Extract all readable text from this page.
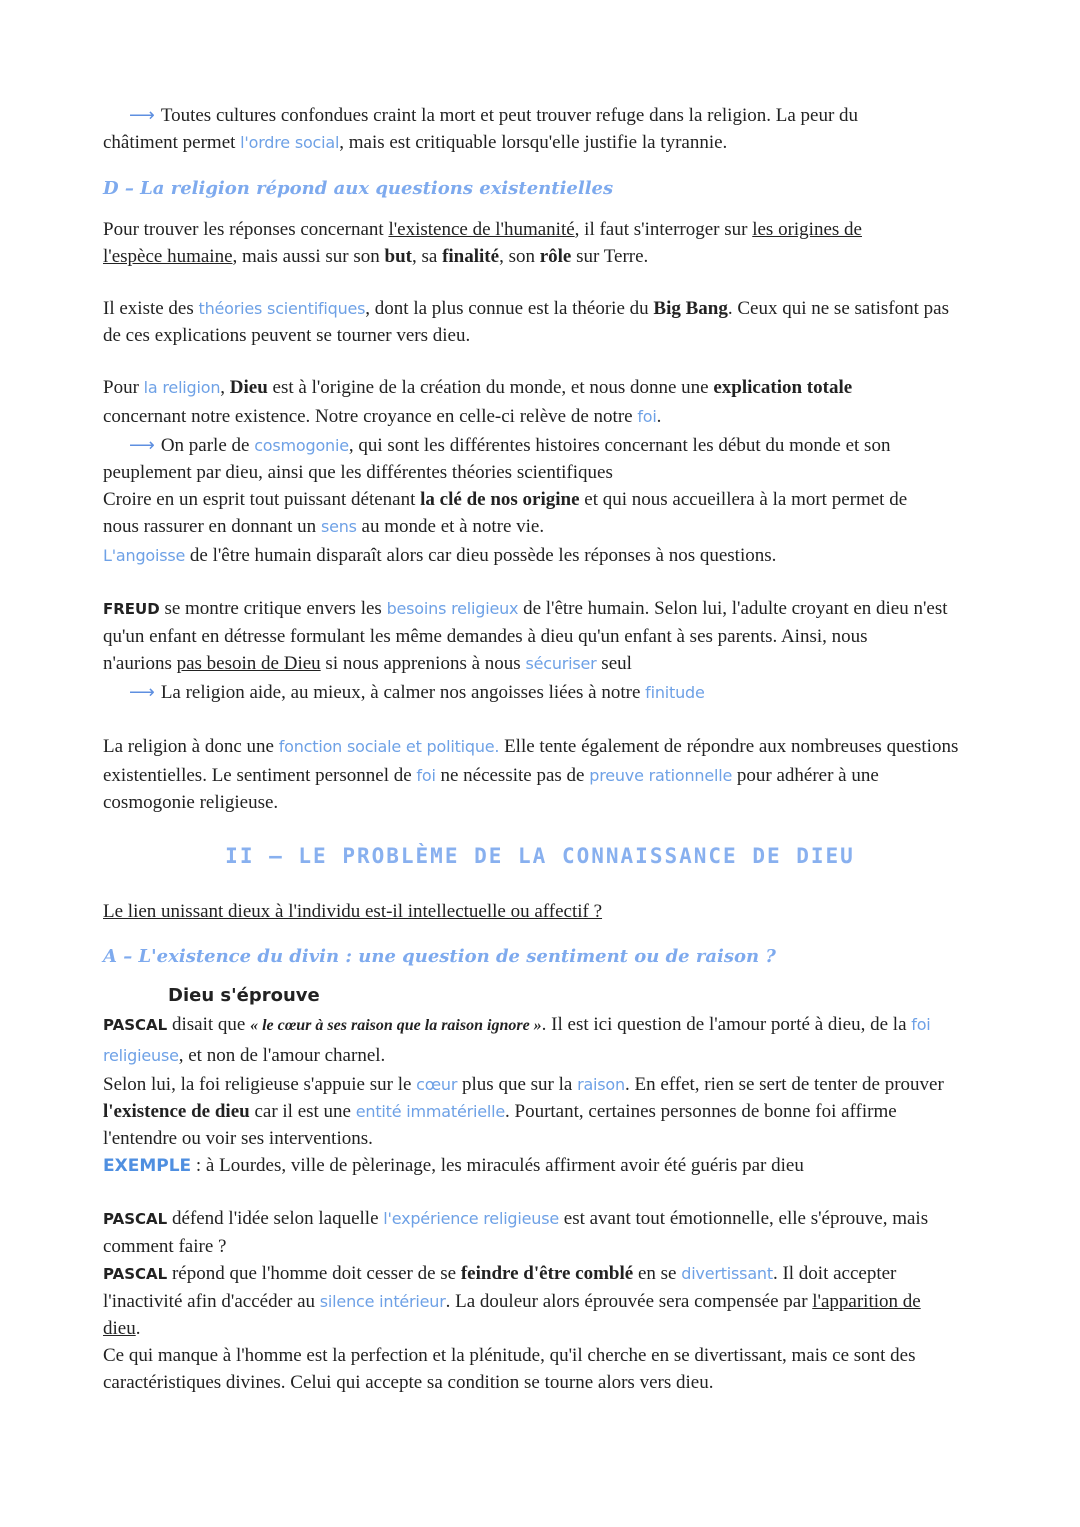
⟶ Toutes cultures confondues craint la mort et peut trouver refuge dans la religion. La peur du
châtiment permet l'ordre social, mais est critiquable lorsqu'elle justifie la tyrannie.
D – La religion répond aux questions existentielles
Pour trouver les réponses concernant l'existence de l'humanité, il faut s'interroger sur les origines de
l'espèce humaine, mais aussi sur son but, sa finalité, son rôle sur Terre.
Il existe des théories scientifiques, dont la plus connue est la théorie du Big Bang. Ceux qui ne se satisfont pas
de ces explications peuvent se tourner vers dieu.
Pour la religion, Dieu est à l'origine de la création du monde, et nous donne une explication totale
concernant notre existence. Notre croyance en celle-ci relève de notre foi.
⟶ On parle de cosmogonie, qui sont les différentes histoires concernant les début du monde et son
peuplement par dieu, ainsi que les différentes théories scientifiques
Croire en un esprit tout puissant détenant la clé de nos origine et qui nous accueillera à la mort permet de
nous rassurer en donnant un sens au monde et à notre vie.
L'angoisse de l'être humain disparaît alors car dieu possède les réponses à nos questions.
FREUD se montre critique envers les besoins religieux de l'être humain. Selon lui, l'adulte croyant en dieu n'est
qu'un enfant en détresse formulant les même demandes à dieu qu'un enfant à ses parents. Ainsi, nous
n'aurions pas besoin de Dieu si nous apprenions à nous sécuriser seul
⟶ La religion aide, au mieux, à calmer nos angoisses liées à notre finitude
La religion à donc une fonction sociale et politique. Elle tente également de répondre aux nombreuses questions
existentielles. Le sentiment personnel de foi ne nécessite pas de preuve rationnelle pour adhérer à une
cosmogonie religieuse.
II – LE PROBLÈME DE LA CONNAISSANCE DE DIEU
Le lien unissant dieux à l'individu est-il intellectuelle ou affectif ?
A – L'existence du divin : une question de sentiment ou de raison ?
Dieu s'éprouve
PASCAL disait que « le cœur à ses raison que la raison ignore ». Il est ici question de l'amour porté à dieu, de la foi
religieuse, et non de l'amour charnel.
Selon lui, la foi religieuse s'appuie sur le cœur plus que sur la raison. En effet, rien se sert de tenter de prouver
l'existence de dieu car il est une entité immatérielle. Pourtant, certaines personnes de bonne foi affirme
l'entendre ou voir ses interventions.
EXEMPLE : à Lourdes, ville de pèlerinage, les miraculés affirment avoir été guéris par dieu
PASCAL défend l'idée selon laquelle l'expérience religieuse est avant tout émotionnelle, elle s'éprouve, mais
comment faire ?
PASCAL répond que l'homme doit cesser de se feindre d'être comblé en se divertissant. Il doit accepter
l'inactivité afin d'accéder au silence intérieur. La douleur alors éprouvée sera compensée par l'apparition de
dieu.
Ce qui manque à l'homme est la perfection et la plénitude, qu'il cherche en se divertissant, mais ce sont des
caractéristiques divines. Celui qui accepte sa condition se tourne alors vers dieu.
